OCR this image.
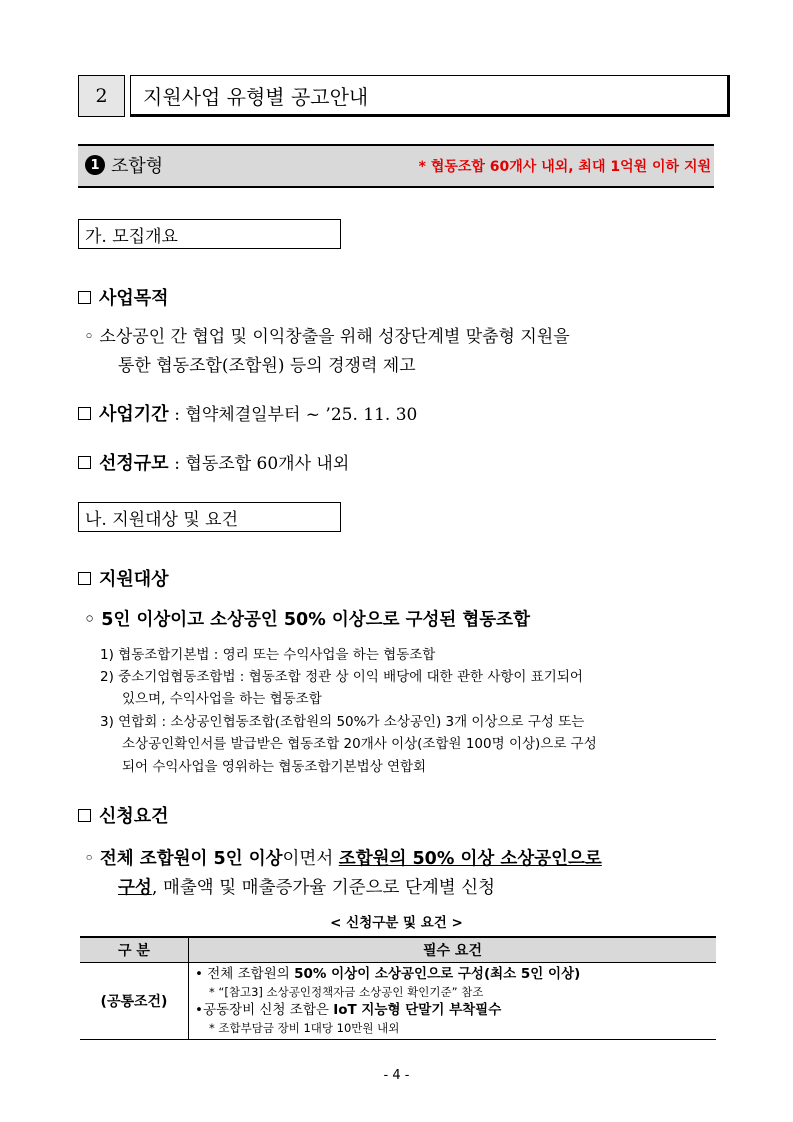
2	지원사업 유형별 공고안내
1 조합형	* 협동조합 60개사 내외, 최대 1억원 이하 지원
가. 모집개요
사업목적
◦ 소상공인 간 협업 및 이익창출을 위해 성장단계별 맞춤형 지원을
통한 협동조합(조합원) 등의 경쟁력 제고
사업기간 : 협약체결일부터 ~ ’25. 11. 30
선정규모 : 협동조합 60개사 내외
나. 지원대상 및 요건
지원대상
◦ 5인 이상이고 소상공인 50% 이상으로 구성된 협동조합
1) 협동조합기본법 : 영리 또는 수익사업을 하는 협동조합
2) 중소기업협동조합법 : 협동조합 정관 상 이익 배당에 대한 관한 사항이 표기되어
있으며, 수익사업을 하는 협동조합
3) 연합회 : 소상공인협동조합(조합원의 50%가 소상공인) 3개 이상으로 구성 또는
소상공인확인서를 발급받은 협동조합 20개사 이상(조합원 100명 이상)으로 구성
되어 수익사업을 영위하는 협동조합기본법상 연합회
신청요건
◦ 전체 조합원이 5인 이상이면서 조합원의 50% 이상 소상공인으로
구성, 매출액 및 매출증가율 기준으로 단계별 신청
< 신청구분 및 요건 >
구 분	필수 요건
(공통조건)	• 전체 조합원의 50% 이상이 소상공인으로 구성(최소 5인 이상)
* “[참고3] 소상공인정책자금 소상공인 확인기준” 참조
•공동장비 신청 조합은 IoT 지능형 단말기 부착필수
* 조합부담금 장비 1대당 10만원 내외
- 4 -
